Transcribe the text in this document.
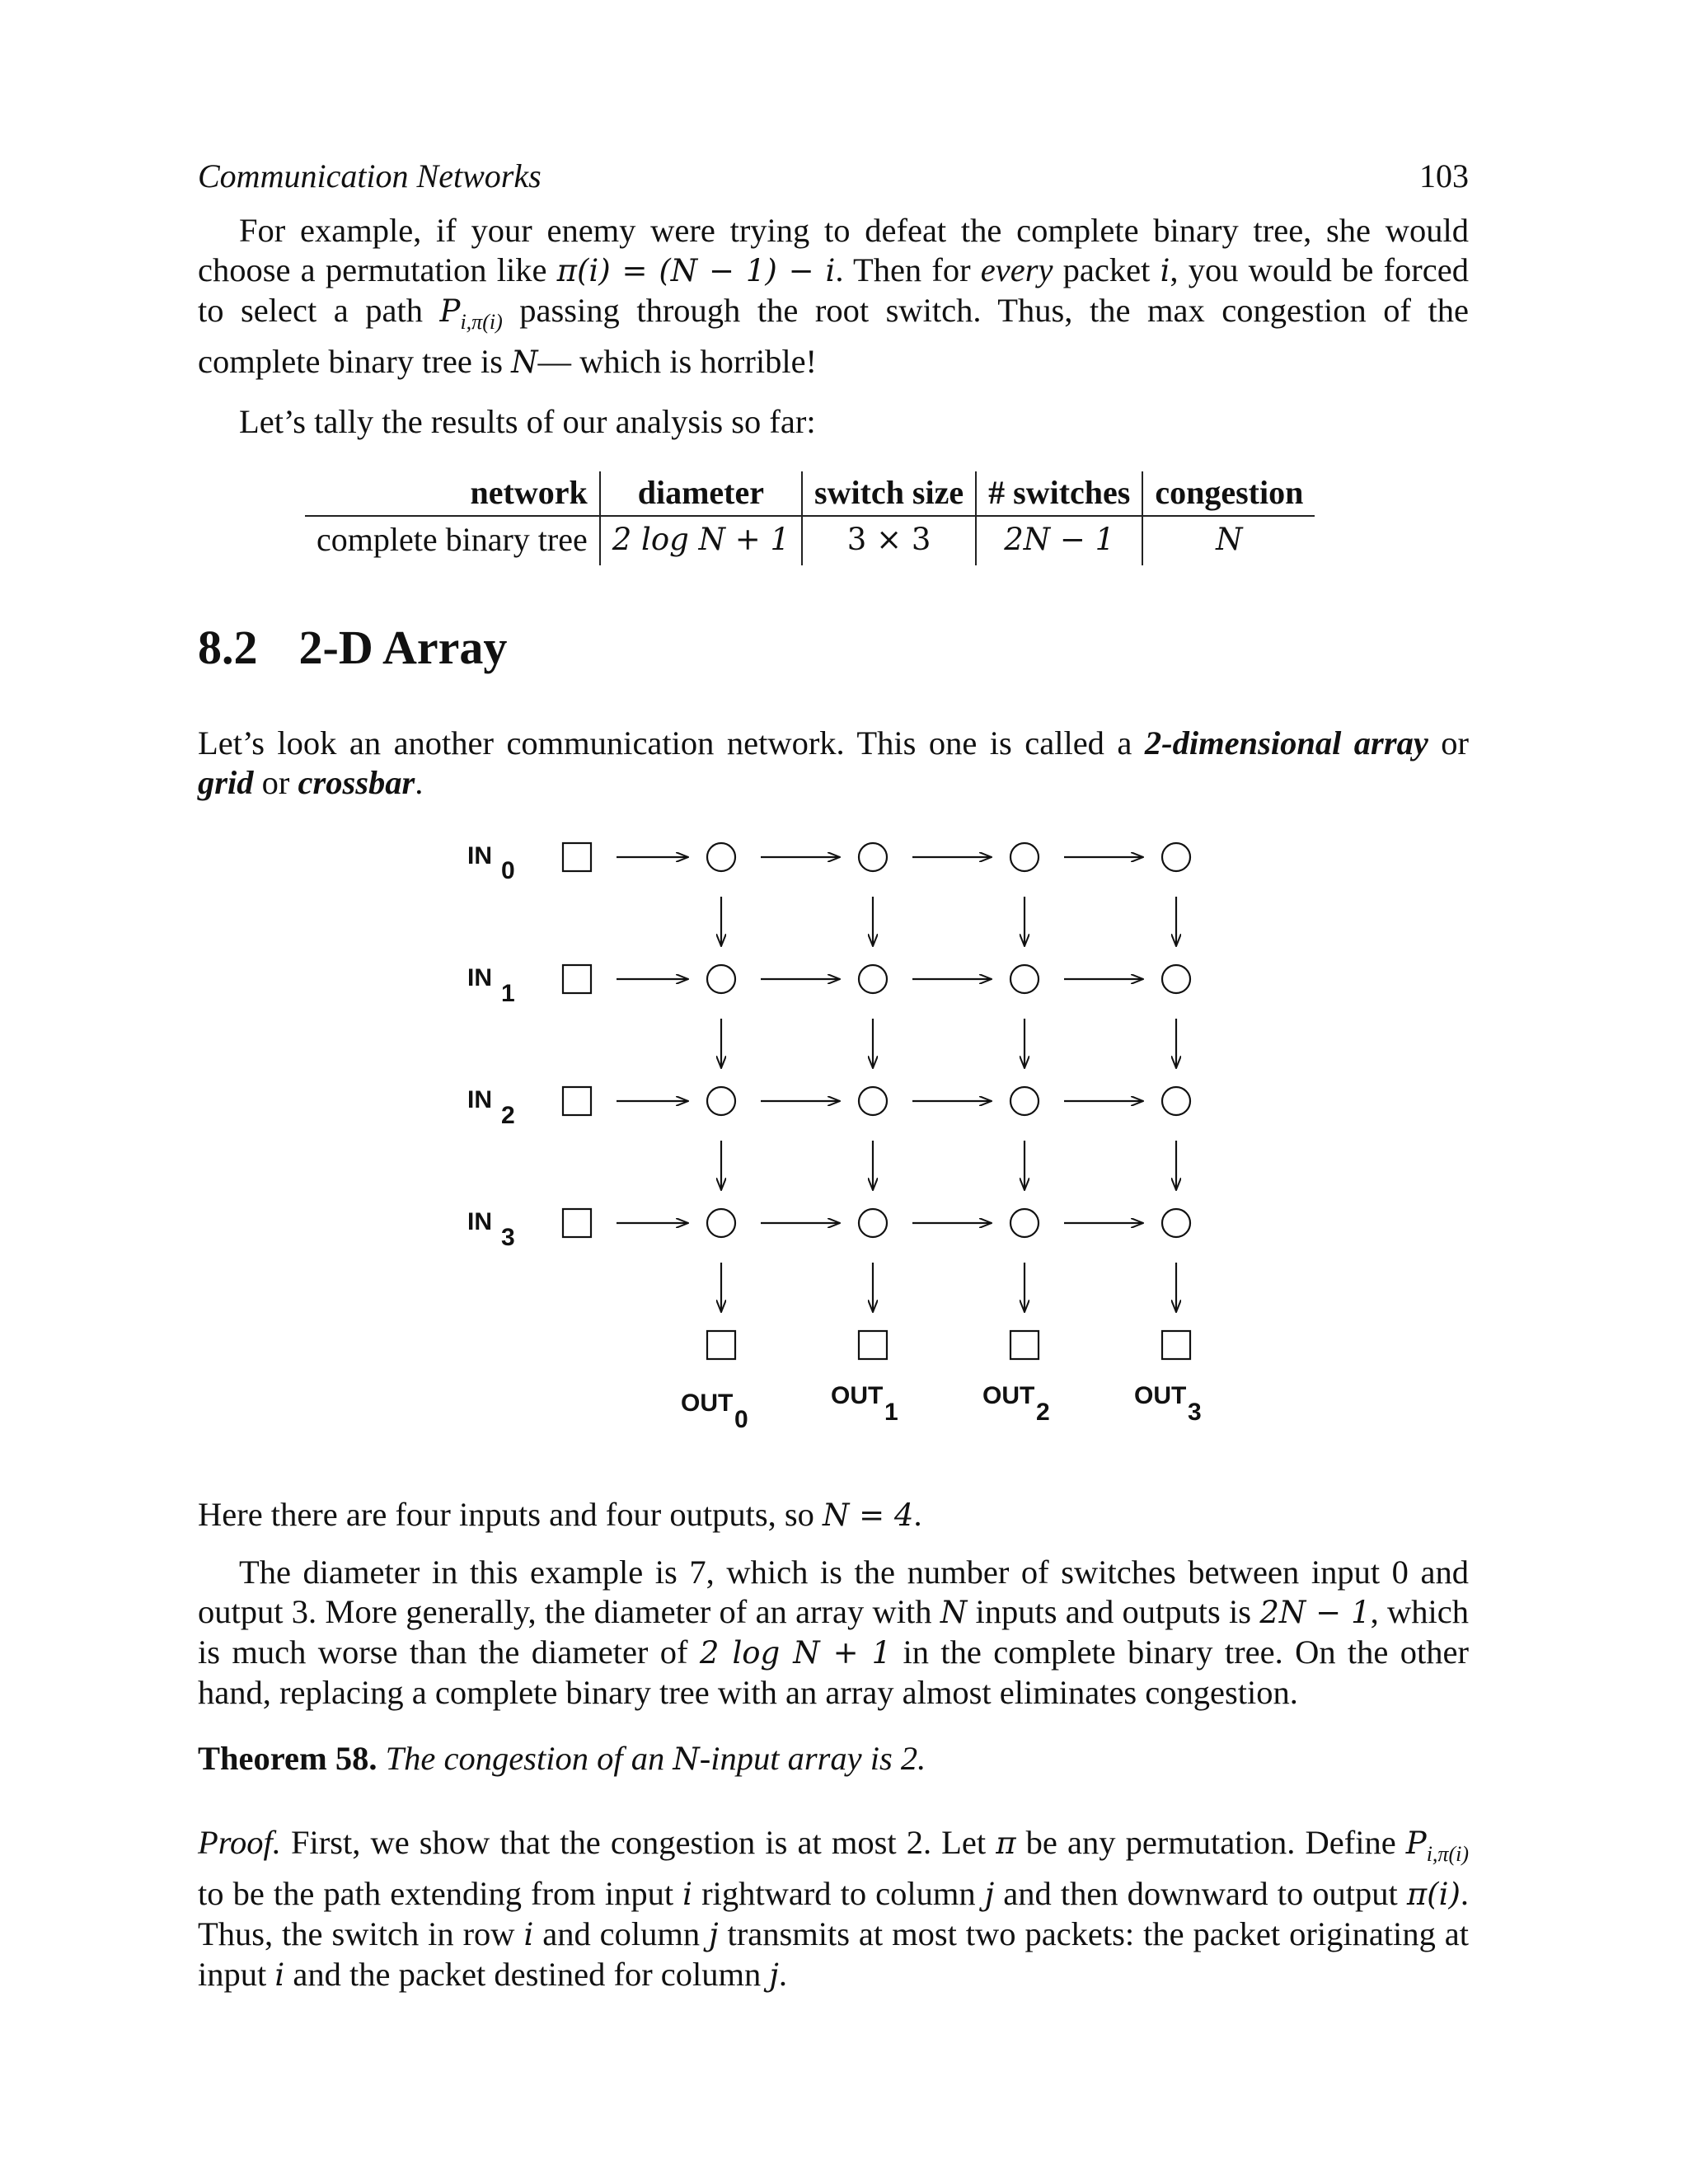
Communication Networks	103

For example, if your enemy were trying to defeat the complete binary tree, she would choose a permutation like π(i) = (N − 1) − i. Then for every packet i, you would be forced to select a path $P_{i,\pi(i)}$ passing through the root switch. Thus, the max congestion of the complete binary tree is N— which is horrible!

Let’s tally the results of our analysis so far:

network	diameter	switch size	# switches	congestion
complete binary tree	2 log N + 1	3 × 3	2N − 1	N
8.2 2-D Array

Let’s look an another communication network. This one is called a 2-dimensional array or grid or crossbar.

IN
0
IN
1
IN
2
IN
3
OUT
0
OUT
1
OUT
2
OUT
3

Here there are four inputs and four outputs, so N = 4.

The diameter in this example is 7, which is the number of switches between input 0 and output 3. More generally, the diameter of an array with N inputs and outputs is 2N − 1, which is much worse than the diameter of 2 log N + 1 in the complete binary tree. On the other hand, replacing a complete binary tree with an array almost eliminates congestion.

Theorem 58. The congestion of an N-input array is 2.

Proof. First, we show that the congestion is at most 2. Let π be any permutation. Define $P_{i,\pi(i)}$ to be the path extending from input i rightward to column j and then downward to output π(i). Thus, the switch in row i and column j transmits at most two packets: the packet originating at input i and the packet destined for column j.
